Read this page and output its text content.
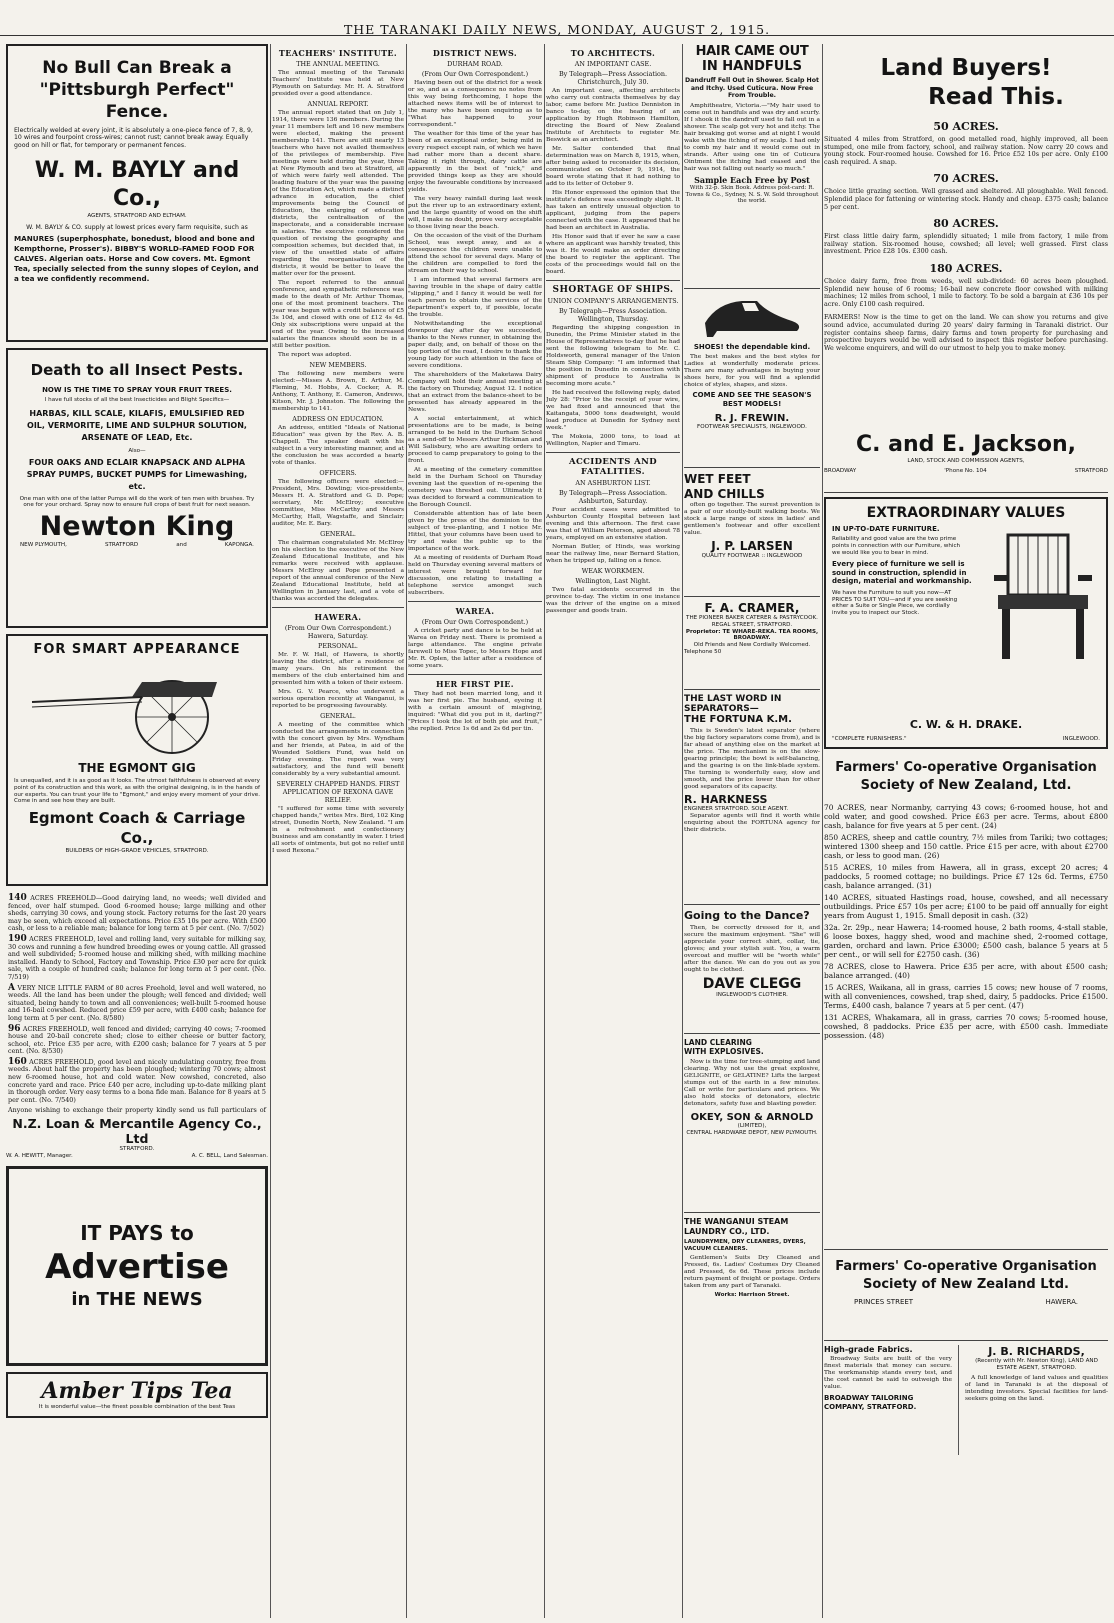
THE TARANAKI DAILY NEWS, MONDAY, AUGUST 2, 1915.
No Bull Can Break a
"Pittsburgh Perfect" Fence.
Electrically welded at every joint, it is absolutely a one-piece fence of 7, 8, 9, 10 wires and fourpoint cross-wires; cannot rust; cannot break away. Equally good on hill or flat, for temporary or permanent fences.
W. M. BAYLY and Co.,
AGENTS, STRATFORD AND ELTHAM.
W. M. BAYLY & CO. supply at lowest prices every farm requisite, such as
MANURES (superphosphate, bonedust, blood and bone and Kempthorne, Prosser's). BIBBY'S WORLD-FAMED FOOD FOR CALVES. Algerian oats. Horse and Cow covers. Mt. Egmont Tea, specially selected from the sunny slopes of Ceylon, and a tea we confidently recommend.
Death to all Insect Pests.
NOW IS THE TIME TO SPRAY YOUR FRUIT TREES.
I have full stocks of all the best Insecticides and Blight Specifics—
HARBAS, KILL SCALE, KILAFIS, EMULSIFIED RED OIL, VERMORITE, LIME AND SULPHUR SOLUTION, ARSENATE OF LEAD, Etc.
Also—
FOUR OAKS AND ECLAIR KNAPSACK AND ALPHA SPRAY PUMPS, BUCKET PUMPS for Limewashing, etc.
One man with one of the latter Pumps will do the work of ten men with brushes. Try one for your orchard. Spray now to ensure full crops of best fruit for next season.
Newton King
NEW PLYMOUTH,	STRATFORD	and	KAPONGA.
FOR SMART APPEARANCE
THE EGMONT GIG
Is unequalled, and it is as good as it looks. The utmost faithfulness is observed at every point of its construction and this work, as with the original designing, is in the hands of our experts. You can trust your life to "Egmont," and enjoy every moment of your drive. Come in and see how they are built.
Egmont Coach & Carriage Co.,
BUILDERS OF HIGH-GRADE VEHICLES, STRATFORD.
140 ACRES FREEHOLD—Good dairying land, no weeds; well divided and fenced, over half stumped. Good 6-roomed house; large milking and other sheds, carrying 30 cows, and young stock. Factory returns for the last 20 years may be seen, which exceed all expectations. Price £35 10s per acre. With £500 cash, or less to a reliable man; balance for long term at 5 per cent. (No. 7/502)
190 ACRES FREEHOLD, level and rolling land, very suitable for milking say, 30 cows and running a few hundred breeding ewes or young cattle. All grassed and well subdivided; 5-roomed house and milking shed, with milking machine installed. Handy to School, Factory and Township. Price £30 per acre for quick sale, with a couple of hundred cash; balance for long term at 5 per cent. (No. 7/519)
A VERY NICE LITTLE FARM of 80 acres Freehold, level and well watered, no weeds. All the land has been under the plough; well fenced and divided; well situated, being handy to town and all conveniences; well-built 5-roomed house and 16-bail cowshed. Reduced price £59 per acre, with £400 cash; balance for long term at 5 per cent. (No. 8/580)
96 ACRES FREEHOLD, well fenced and divided; carrying 40 cows; 7-roomed house and 20-bail concrete shed; close to either cheese or butter factory, school, etc. Price £35 per acre, with £200 cash; balance for 7 years at 5 per cent. (No. 8/530)
160 ACRES FREEHOLD, good level and nicely undulating country, free from weeds. About half the property has been ploughed; wintering 70 cows; almost new 6-roomed house, hot and cold water. New cowshed, concreted, also concrete yard and race. Price £40 per acre, including up-to-date milking plant in thorough order. Very easy terms to a bona fide man. Balance for 8 years at 5 per cent. (No. 7/540)
Anyone wishing to exchange their property kindly send us full particulars of
N.Z. Loan & Mercantile Agency Co., Ltd
STRATFORD.
W. A. HEWITT, Manager.	A. C. BELL, Land Salesman.
IT PAYS to
Advertise
in THE NEWS
Amber Tips Tea
It is wonderful value—the finest possible combination of the best Teas
TEACHERS' INSTITUTE.
THE ANNUAL MEETING.
The annual meeting of the Taranaki Teachers' Institute was held at New Plymouth on Saturday. Mr. H. A. Stratford presided over a good attendance.
ANNUAL REPORT.
The annual report stated that on July 1, 1914, there were 136 members. During the year 11 members left and 16 new members were elected, making the present membership 141. There are still nearly 13 teachers who have not availed themselves of the privileges of membership. Five meetings were held during the year, three at New Plymouth and two at Stratford, all of which were fairly well attended. The leading feature of the year was the passing of the Education Act, which made a distinct advance in education, the chief improvements being the Council of Education, the enlarging of education districts, the centralisation of the inspectorate, and a considerable increase in salaries. The executive considered the question of revising the geography and composition schemes, but decided that, in view of the unsettled state of affairs regarding the reorganisation of the districts, it would be better to leave the matter over for the present.
The report referred to the annual conference, and sympathetic reference was made to the death of Mr. Arthur Thomas, one of the most prominent teachers. The year was begun with a credit balance of £5 3s 10d, and closed with one of £12 4s 4d. Only six subscriptions were unpaid at the end of the year. Owing to the increased salaries the finances should soon be in a still better position.
The report was adopted.
NEW MEMBERS.
The following new members were elected:—Misses A. Brown, E. Arthur, M. Fleming, M. Hobbs, A. Cocker, A. R. Anthony, T. Anthony, E. Cameron, Andrews, Kitson, Mr. J. Johnston. The following the membership to 141.
ADDRESS ON EDUCATION.
An address, entitled "Ideals of National Education" was given by the Rev. A. B. Chappell. The speaker dealt with his subject in a very interesting manner, and at the conclusion he was accorded a hearty vote of thanks.
OFFICERS.
The following officers were elected:—President, Mrs. Dowling; vice-presidents, Messrs H. A. Stratford and G. D. Pope; secretary, Mr. McElroy; executive committee, Miss McCarthy and Messrs McCarthy, Hall, Wagstaffe, and Sinclair; auditor, Mr. E. Bary.
GENERAL.
The chairman congratulated Mr. McElroy on his election to the executive of the New Zealand Educational Institute, and his remarks were received with applause. Messrs McElroy and Pope presented a report of the annual conference of the New Zealand Educational Institute, held at Wellington in January last, and a vote of thanks was accorded the delegates.
HAWERA.
(From Our Own Correspondent.) Hawera, Saturday.
PERSONAL.
Mr. F. W. Hall, of Hawera, is shortly leaving the district, after a residence of many years. On his retirement the members of the club entertained him and presented him with a token of their esteem.
Mrs. G. V. Pearce, who underwent a serious operation recently at Wanganui, is reported to be progressing favourably.
GENERAL.
A meeting of the committee which conducted the arrangements in connection with the concert given by Mrs. Wyndham and her friends, at Patea, in aid of the Wounded Soldiers Fund, was held on Friday evening. The report was very satisfactory, and the fund will benefit considerably by a very substantial amount.
SEVERELY CHAPPED HANDS. FIRST APPLICATION OF REXONA GAVE RELIEF.
"I suffered for some time with severely chapped hands," writes Mrs. Bird, 102 King street, Dunedin North, New Zealand. "I am in a refreshment and confectionery business and am constantly in water. I tried all sorts of ointments, but got no relief until I used Rexona."
DISTRICT NEWS.
DURHAM ROAD.
(From Our Own Correspondent.)
Having been out of the district for a week or so, and as a consequence no notes from this way being forthcoming, I hope the attached news items will be of interest to the many who have been enquiring as to "What has happened to your correspondent."
The weather for this time of the year has been of an exceptional order, being mild in every respect except rain, of which we have had rather more than a decent share. Taking it right through, dairy cattle are apparently in the best of "nick," and provided things keep as they are should enjoy the favourable conditions by increased yields.
The very heavy rainfall during last week put the river up to an extraordinary extent, and the large quantity of wood on the shift will, I make no doubt, prove very acceptable to those living near the beach.
On the occasion of the visit of the Durham School, was swept away, and as a consequence the children were unable to attend the school for several days. Many of the children are compelled to ford the stream on their way to school.
I am informed that several farmers are having trouble in the shape of dairy cattle "slipping," and I fancy it would be well for each person to obtain the services of the department's expert to, if possible, locate the trouble.
Notwithstanding the exceptional downpour day after day we succeeded, thanks to the News runner, in obtaining the paper daily, and, on behalf of those on the top portion of the road, I desire to thank the young lady for such attention in the face of severe conditions.
The shareholders of the Maketawa Dairy Company will hold their annual meeting at the factory on Thursday, August 12. I notice that an extract from the balance-sheet to be presented has already appeared in the News.
A social entertainment, at which presentations are to be made, is being arranged to be held in the Durham School as a send-off to Messrs Arthur Hickman and Will Salisbury, who are awaiting orders to proceed to camp preparatory to going to the front.
At a meeting of the cemetery committee held in the Durham School on Thursday evening last the question of re-opening the cemetery was threshed out. Ultimately it was decided to forward a communication to the Borough Council.
Considerable attention has of late been given by the press of the dominion to the subject of tree-planting, and I notice Mr. Hittel, that your columns have been used to try and wake the public up to the importance of the work.
At a meeting of residents of Durham Road held on Thursday evening several matters of interest were brought forward for discussion, one relating to installing a telephone service amongst such subscribers.
WAREA.
(From Our Own Correspondent.)
A cricket party and dance is to be held at Warea on Friday next. There is promised a large attendance. The engine private farewell to Miss Topec, to Messrs Hope and Mr. R. Oplen, the latter after a residence of some years.
HER FIRST PIE.
They had not been married long, and it was her first pie. The husband, eyeing it with a certain amount of misgiving, inquired: "What did you put in it, darling?" "Prices I took the lot of both pie and fruit," she replied. Price 1s 6d and 2s 6d per tin.
TO ARCHITECTS.
AN IMPORTANT CASE.
By Telegraph—Press Association. Christchurch, July 30.
An important case, affecting architects who carry out contracts themselves by day labor, came before Mr. Justice Denniston in banco to-day, on the hearing of an application by Hugh Robinson Hamilton, directing the Board of New Zealand Institute of Architects to register Mr. Beswick as an architect.
Mr. Salter contended that final determination was on March 8, 1915, when, after being asked to reconsider its decision, communicated on October 9, 1914, the board wrote stating that it had nothing to add to its letter of October 9.
His Honor expressed the opinion that the institute's defence was exceedingly slight. It has taken an entirely unusual objection to applicant, judging from the papers connected with the case. It appeared that he had been an architect in Australia.
His Honor said that if ever he saw a case where an applicant was harshly treated, this was it. He would make an order directing the board to register the applicant. The costs of the proceedings would fall on the board.
SHORTAGE OF SHIPS.
UNION COMPANY'S ARRANGEMENTS.
By Telegraph—Press Association. Wellington, Thursday.
Regarding the shipping congestion in Dunedin, the Prime Minister stated in the House of Representatives to-day that he had sent the following telegram to Mr. C. Holdsworth, general manager of the Union Steam Ship Company: "I am informed that the position in Dunedin in connection with shipment of produce to Australia is becoming more acute."
He had received the following reply, dated July 28: "Prior to the receipt of your wire, we had fixed and announced that the Kaitangata, 5000 tons deadweight, would load produce at Dunedin for Sydney next week."
The Mokoia, 2000 tons, to load at Wellington, Napier and Timaru.
ACCIDENTS AND FATALITIES.
AN ASHBURTON LIST.
By Telegraph—Press Association. Ashburton, Saturday.
Four accident cases were admitted to Ashburton County Hospital between last evening and this afternoon. The first case was that of William Peterson, aged about 78 years, employed on an extensive station.
Norman Butler, of Hinds, was working near the railway line, near Bernard Station, when he tripped up, falling on a fence.
WEAK WORKMEN.
Wellington, Last Night.
Two fatal accidents occurred in the province to-day. The victim in one instance was the driver of the engine on a mixed passenger and goods train.
HAIR CAME OUT
IN HANDFULS
Dandruff Fell Out in Shower. Scalp Hot and Itchy. Used Cuticura. Now Free From Trouble.
Amphitheatre, Victoria.—"My hair used to come out in handfuls and was dry and scurfy. If I shook it the dandruff used to fall out in a shower. The scalp got very hot and itchy. The hair breaking got worse and at night I would wake with the itching of my scalp. I had only to comb my hair and it would come out in strands. After using one tin of Cuticura Ointment the itching had ceased and the hair was not falling out nearly so much."
Sample Each Free by Post
With 32-p. Skin Book. Address post-card: R. Towns & Co., Sydney, N. S. W. Sold throughout the world.
SHOES! the dependable kind.
The best makes and the best styles for Ladies at wonderfully moderate prices. There are many advantages in buying your shoes here, for you will find a splendid choice of styles, shapes, and sizes.
COME AND SEE THE SEASON'S BEST MODELS!
R. J. FREWIN.
FOOTWEAR SPECIALISTS, INGLEWOOD.
WET FEET
AND CHILLS
often go together. The surest prevention is a pair of our stoutly-built walking boots. We stock a large range of sizes in ladies' and gentlemen's footwear and offer excellent value.
J. P. LARSEN
QUALITY FOOTWEAR :: INGLEWOOD
F. A. CRAMER,
THE PIONEER BAKER CATERER & PASTRYCOOK.
REGAL STREET, STRATFORD.
Proprietor: TE WHARE-REKA. TEA ROOMS, BROADWAY.
Old Friends and New Cordially Welcomed.
Telephone 50
THE LAST WORD IN
SEPARATORS—
THE FORTUNA K.M.
This is Sweden's latest separator (where the big factory separators come from), and is far ahead of anything else on the market at the price. The mechanism is on the slow-gearing principle; the bowl is self-balancing, and the gearing is on the link-blade system. The turning is wonderfully easy, slow and smooth, and the price lower than for other good separators of its capacity.
R. HARKNESS
ENGINEER STRATFORD. SOLE AGENT.
Separator agents will find it worth while enquiring about the FORTUNA agency for their districts.
Going to the Dance?
Then, be correctly dressed for it, and secure the maximum enjoyment. "She" will appreciate your correct shirt, collar, tie, gloves; and your stylish suit. You, a warm overcoat and muffler will be "worth while" after the dance. We can do you out as you ought to be clothed.
DAVE CLEGG
INGLEWOOD'S CLOTHIER.
LAND CLEARING
WITH EXPLOSIVES.
Now is the time for tree-stumping and land clearing. Why not use the great explosive, GELIGNITE, or GELATINE? Lifts the largest stumps out of the earth in a few minutes. Call or write for particulars and prices. We also hold stocks of detonators, electric detonators, safety fuse and blasting powder.
OKEY, SON & ARNOLD
(LIMITED),
CENTRAL HARDWARE DEPOT, NEW PLYMOUTH.
THE WANGANUI STEAM LAUNDRY CO., LTD.
LAUNDRYMEN, DRY CLEANERS, DYERS, VACUUM CLEANERS.
Gentlemen's Suits Dry Cleaned and Pressed, 6s. Ladies' Costumes Dry Cleaned and Pressed, 6s 6d. These prices include return payment of freight or postage. Orders taken from any part of Taranaki.
Works: Harrison Street.
Land Buyers!
Read This.
50 ACRES.
Situated 4 miles from Stratford, on good metalled road, highly improved, all been stumped, one mile from factory, school, and railway station. Now carry 20 cows and young stock. Four-roomed house. Cowshed for 16. Price £52 10s per acre. Only £100 cash required. A snap.
70 ACRES.
Choice little grazing section. Well grassed and sheltered. All ploughable. Well fenced. Splendid place for fattening or wintering stock. Handy and cheap. £375 cash; balance 5 per cent.
80 ACRES.
First class little dairy farm, splendidly situated; 1 mile from factory, 1 mile from railway station. Six-roomed house, cowshed; all level; well grassed. First class investment. Price £28 10s. £300 cash.
180 ACRES.
Choice dairy farm, free from weeds, well sub-divided: 60 acres been ploughed. Splendid new house of 6 rooms; 16-bail new concrete floor cowshed with milking machines; 12 miles from school, 1 mile to factory. To be sold a bargain at £36 10s per acre. Only £100 cash required.
FARMERS! Now is the time to get on the land. We can show you returns and give sound advice, accumulated during 20 years' dairy farming in Taranaki district. Our register contains sheep farms, dairy farms and town property for purchasing and prospective buyers would be well advised to inspect this register before purchasing. We welcome enquirers, and will do our utmost to help you to make money.
C. and E. Jackson,
LAND, STOCK AND COMMISSION AGENTS,
BROADWAY	'Phone No. 104	STRATFORD
EXTRAORDINARY VALUES
IN UP-TO-DATE FURNITURE.
Reliability and good value are the two prime points in connection with our Furniture, which we would like you to bear in mind.
Every piece of furniture we sell is sound in construction, splendid in design, material and workmanship.
We have the Furniture to suit you now—AT PRICES TO SUIT YOU—and if you are seeking either a Suite or Single Piece, we cordially invite you to inspect our Stock.
C. W. & H. DRAKE.
"COMPLETE FURNISHERS."	INGLEWOOD.
Farmers' Co-operative Organisation
Society of New Zealand, Ltd.
70 ACRES, near Normanby, carrying 43 cows; 6-roomed house, hot and cold water, and good cowshed. Price £63 per acre. Terms, about £800 cash, balance for five years at 5 per cent. (24)
850 ACRES, sheep and cattle country, 7½ miles from Tariki; two cottages; wintered 1300 sheep and 150 cattle. Price £15 per acre, with about £2700 cash, or less to good man. (26)
515 ACRES, 10 miles from Hawera, all in grass, except 20 acres; 4 paddocks, 5 roomed cottage; no buildings. Price £7 12s 6d. Terms, £750 cash, balance arranged. (31)
140 ACRES, situated Hastings road, house, cowshed, and all necessary outbuildings. Price £57 10s per acre; £100 to be paid off annually for eight years from August 1, 1915. Small deposit in cash. (32)
32a. 2r. 29p., near Hawera; 14-roomed house, 2 bath rooms, 4-stall stable, 6 loose boxes, haggy shed, wood and machine shed, 2-roomed cottage, garden, orchard and lawn. Price £3000; £500 cash, balance 5 years at 5 per cent., or will sell for £2750 cash. (36)
78 ACRES, close to Hawera. Price £35 per acre, with about £500 cash; balance arranged. (40)
15 ACRES, Waikana, all in grass, carries 15 cows; new house of 7 rooms, with all conveniences, cowshed, trap shed, dairy, 5 paddocks. Price £1500. Terms, £400 cash, balance 7 years at 5 per cent. (47)
131 ACRES, Whakamara, all in grass, carries 70 cows; 5-roomed house, cowshed, 8 paddocks. Price £35 per acre, with £500 cash. Immediate possession. (48)
Farmers' Co-operative Organisation
Society of New Zealand Ltd.
PRINCES STREET	HAWERA.
High-grade Fabrics.
Broadway Suits are built of the very finest materials that money can secure. The workmanship stands every test, and the cost cannot be said to outweigh the value.
BROADWAY TAILORING COMPANY, STRATFORD.
J. B. RICHARDS,
(Recently with Mr. Newton King), LAND AND ESTATE AGENT, STRATFORD.
A full knowledge of land values and qualities of land in Taranaki is at the disposal of intending investors. Special facilities for land-seekers going on the land.
